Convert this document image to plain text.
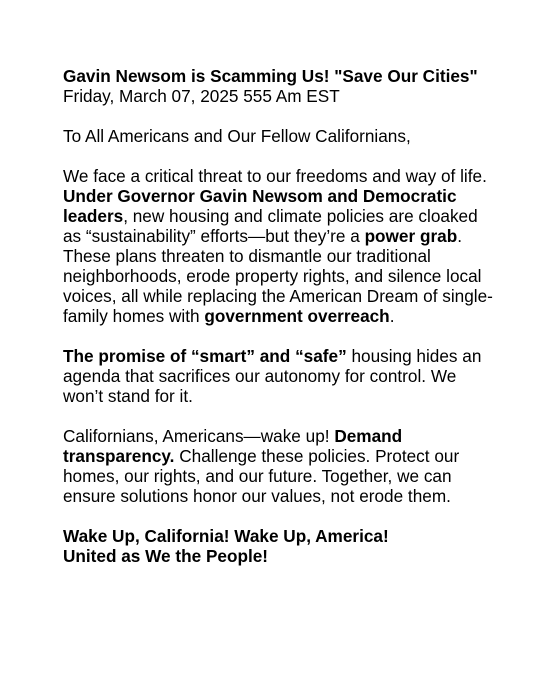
Gavin Newsom is Scamming Us! "Save Our Cities"
Friday, March 07, 2025 555 Am EST

To All Americans and Our Fellow Californians,

We face a critical threat to our freedoms and way of life. Under Governor Gavin Newsom and Democratic leaders, new housing and climate policies are cloaked as “sustainability” efforts—but they’re a power grab. These plans threaten to dismantle our traditional neighborhoods, erode property rights, and silence local voices, all while replacing the American Dream of single-family homes with government overreach.

The promise of “smart” and “safe” housing hides an agenda that sacrifices our autonomy for control. We won’t stand for it.

Californians, Americans—wake up! Demand transparency. Challenge these policies. Protect our homes, our rights, and our future. Together, we can ensure solutions honor our values, not erode them.

Wake Up, California! Wake Up, America!
United as We the People!
